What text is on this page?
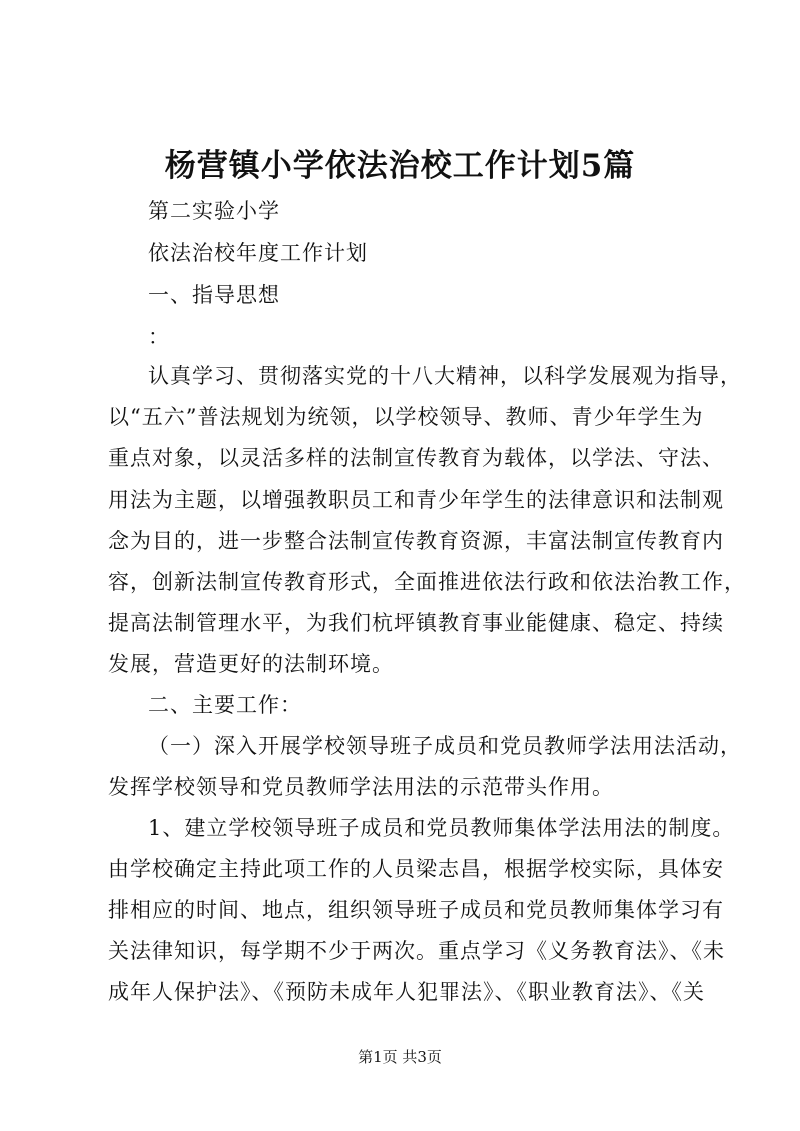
杨营镇小学依法治校工作计划5篇
第二实验小学
依法治校年度工作计划
一、指导思想
：
认真学习、贯彻落实党的十八大精神，以科学发展观为指导，
以“五六”普法规划为统领，以学校领导、教师、青少年学生为
重点对象，以灵活多样的法制宣传教育为载体，以学法、守法、
用法为主题，以增强教职员工和青少年学生的法律意识和法制观
念为目的，进一步整合法制宣传教育资源，丰富法制宣传教育内
容，创新法制宣传教育形式，全面推进依法行政和依法治教工作，
提高法制管理水平，为我们杭坪镇教育事业能健康、稳定、持续
发展，营造更好的法制环境。
二、主要工作：
（一）深入开展学校领导班子成员和党员教师学法用法活动，
发挥学校领导和党员教师学法用法的示范带头作用。
1、建立学校领导班子成员和党员教师集体学法用法的制度。
由学校确定主持此项工作的人员梁志昌，根据学校实际，具体安
排相应的时间、地点，组织领导班子成员和党员教师集体学习有
关法律知识，每学期不少于两次。重点学习《义务教育法》、《未
成年人保护法》、《预防未成年人犯罪法》、《职业教育法》、《关
第1页 共3页
